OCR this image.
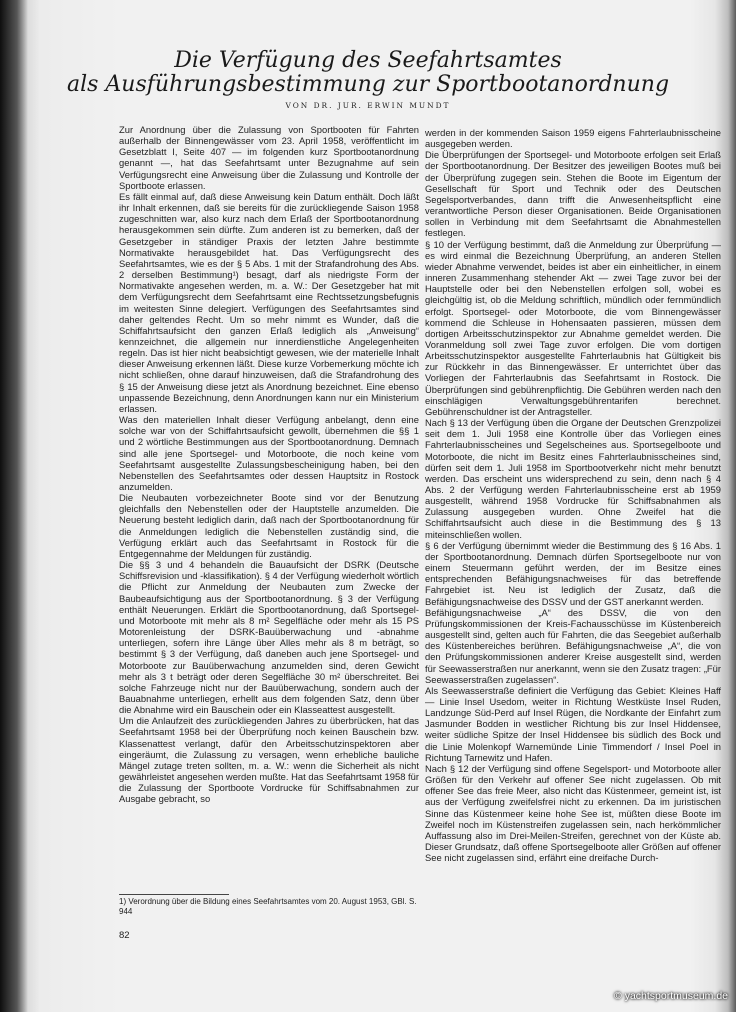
Die Verfügung des Seefahrtsamtes
als Ausführungsbestimmung zur Sportbootanordnung
VON DR. JUR. ERWIN MUNDT

Zur Anordnung über die Zulassung von Sportbooten für Fahrten außerhalb der Binnengewässer vom 23. April 1958, veröffentlicht im Gesetzblatt I, Seite 407 — im folgenden kurz Sportbootanordnung genannt —, hat das Seefahrtsamt unter Bezugnahme auf sein Verfügungsrecht eine Anweisung über die Zulassung und Kontrolle der Sportboote erlassen.

Es fällt einmal auf, daß diese Anweisung kein Datum enthält. Doch läßt ihr Inhalt erkennen, daß sie bereits für die zurückliegende Saison 1958 zugeschnitten war, also kurz nach dem Erlaß der Sportbootanordnung herausgekommen sein dürfte. Zum anderen ist zu bemerken, daß der Gesetzgeber in ständiger Praxis der letzten Jahre bestimmte Normativakte herausgebildet hat. Das Verfügungsrecht des Seefahrtsamtes, wie es der § 5 Abs. 1 mit der Strafandrohung des Abs. 2 derselben Bestimmung¹) besagt, darf als niedrigste Form der Normativakte angesehen werden, m. a. W.: Der Gesetzgeber hat mit dem Verfügungsrecht dem Seefahrtsamt eine Rechtssetzungsbefugnis im weitesten Sinne delegiert. Verfügungen des Seefahrtsamtes sind daher geltendes Recht. Um so mehr nimmt es Wunder, daß die Schiffahrtsaufsicht den ganzen Erlaß lediglich als „Anweisung“ kennzeichnet, die allgemein nur innerdienstliche Angelegenheiten regeln. Das ist hier nicht beabsichtigt gewesen, wie der materielle Inhalt dieser Anweisung erkennen läßt. Diese kurze Vorbemerkung möchte ich nicht schließen, ohne darauf hinzuweisen, daß die Strafandrohung des § 15 der Anweisung diese jetzt als Anordnung bezeichnet. Eine ebenso unpassende Bezeichnung, denn Anordnungen kann nur ein Ministerium erlassen.

Was den materiellen Inhalt dieser Verfügung anbelangt, denn eine solche war von der Schiffahrtsaufsicht gewollt, übernehmen die §§ 1 und 2 wörtliche Bestimmungen aus der Sportbootanordnung. Demnach sind alle jene Sportsegel- und Motorboote, die noch keine vom Seefahrtsamt ausgestellte Zulassungsbescheinigung haben, bei den Nebenstellen des Seefahrtsamtes oder dessen Hauptsitz in Rostock anzumelden.

Die Neubauten vorbezeichneter Boote sind vor der Benutzung gleichfalls den Nebenstellen oder der Hauptstelle anzumelden. Die Neuerung besteht lediglich darin, daß nach der Sportbootanordnung für die Anmeldungen lediglich die Nebenstellen zuständig sind, die Verfügung erklärt auch das Seefahrtsamt in Rostock für die Entgegennahme der Meldungen für zuständig.

Die §§ 3 und 4 behandeln die Bauaufsicht der DSRK (Deutsche Schiffsrevision und -klassifikation). § 4 der Verfügung wiederholt wörtlich die Pflicht zur Anmeldung der Neubauten zum Zwecke der Baubeaufsichtigung aus der Sportbootanordnung. § 3 der Verfügung enthält Neuerungen. Erklärt die Sportbootanordnung, daß Sportsegel- und Motorboote mit mehr als 8 m² Segelfläche oder mehr als 15 PS Motorenleistung der DSRK-Bauüberwachung und -abnahme unterliegen, sofern ihre Länge über Alles mehr als 8 m beträgt, so bestimmt § 3 der Verfügung, daß daneben auch jene Sportsegel- und Motorboote zur Bauüberwachung anzumelden sind, deren Gewicht mehr als 3 t beträgt oder deren Segelfläche 30 m² überschreitet. Bei solche Fahrzeuge nicht nur der Bauüberwachung, sondern auch der Bauabnahme unterliegen, erhellt aus dem folgenden Satz, denn über die Abnahme wird ein Bauschein oder ein Klasseattest ausgestellt.

Um die Anlaufzeit des zurückliegenden Jahres zu überbrücken, hat das Seefahrtsamt 1958 bei der Überprüfung noch keinen Bauschein bzw. Klassenattest verlangt, dafür den Arbeitsschutzinspektoren aber eingeräumt, die Zulassung zu versagen, wenn erhebliche bauliche Mängel zutage treten sollten, m. a. W.: wenn die Sicherheit als nicht gewährleistet angesehen werden mußte. Hat das Seefahrtsamt 1958 für die Zulassung der Sportboote Vordrucke für Schiffsabnahmen zur Ausgabe gebracht, so

werden in der kommenden Saison 1959 eigens Fahrterlaubnisscheine ausgegeben werden.

Die Überprüfungen der Sportsegel- und Motorboote erfolgen seit Erlaß der Sportbootanordnung. Der Besitzer des jeweiligen Bootes muß bei der Überprüfung zugegen sein. Stehen die Boote im Eigentum der Gesellschaft für Sport und Technik oder des Deutschen Segelsportverbandes, dann trifft die Anwesenheitspflicht eine verantwortliche Person dieser Organisationen. Beide Organisationen sollen in Verbindung mit dem Seefahrtsamt die Abnahmestellen festlegen.

§ 10 der Verfügung bestimmt, daß die Anmeldung zur Überprüfung — es wird einmal die Bezeichnung Überprüfung, an anderen Stellen wieder Abnahme verwendet, beides ist aber ein einheitlicher, in einem inneren Zusammenhang stehender Akt — zwei Tage zuvor bei der Hauptstelle oder bei den Nebenstellen erfolgen soll, wobei es gleichgültig ist, ob die Meldung schriftlich, mündlich oder fernmündlich erfolgt. Sportsegel- oder Motorboote, die vom Binnengewässer kommend die Schleuse in Hohensaaten passieren, müssen dem dortigen Arbeitsschutzinspektor zur Abnahme gemeldet werden. Die Voranmeldung soll zwei Tage zuvor erfolgen. Die vom dortigen Arbeitsschutzinspektor ausgestellte Fahrterlaubnis hat Gültigkeit bis zur Rückkehr in das Binnengewässer. Er unterrichtet über das Vorliegen der Fahrterlaubnis das Seefahrtsamt in Rostock. Die Überprüfungen sind gebührenpflichtig. Die Gebühren werden nach den einschlägigen Verwaltungsgebührentarifen berechnet. Gebührenschuldner ist der Antragsteller.

Nach § 13 der Verfügung üben die Organe der Deutschen Grenzpolizei seit dem 1. Juli 1958 eine Kontrolle über das Vorliegen eines Fahrterlaubnisscheines und Segelscheines aus. Sportsegelboote und Motorboote, die nicht im Besitz eines Fahrterlaubnisscheines sind, dürfen seit dem 1. Juli 1958 im Sportbootverkehr nicht mehr benutzt werden. Das erscheint uns widersprechend zu sein, denn nach § 4 Abs. 2 der Verfügung werden Fahrterlaubnisscheine erst ab 1959 ausgestellt, während 1958 Vordrucke für Schiffsabnahmen als Zulassung ausgegeben wurden. Ohne Zweifel hat die Schiffahrtsaufsicht auch diese in die Bestimmung des § 13 miteinschließen wollen.

§ 6 der Verfügung übernimmt wieder die Bestimmung des § 16 Abs. 1 der Sportbootanordnung. Demnach dürfen Sportsegelboote nur von einem Steuermann geführt werden, der im Besitze eines entsprechenden Befähigungsnachweises für das betreffende Fahrgebiet ist. Neu ist lediglich der Zusatz, daß die Befähigungsnachweise des DSSV und der GST anerkannt werden.

Befähigungsnachweise „A“ des DSSV, die von den Prüfungskommissionen der Kreis-Fachausschüsse im Küstenbereich ausgestellt sind, gelten auch für Fahrten, die das Seegebiet außerhalb des Küstenbereiches berühren. Befähigungsnachweise „A“, die von den Prüfungskommissionen anderer Kreise ausgestellt sind, werden für Seewasserstraßen nur anerkannt, wenn sie den Zusatz tragen: „Für Seewasserstraßen zugelassen“.

Als Seewasserstraße definiert die Verfügung das Gebiet: Kleines Haff — Linie Insel Usedom, weiter in Richtung Westküste Insel Ruden, Landzunge Süd-Perd auf Insel Rügen, die Nordkante der Einfahrt zum Jasmunder Bodden in westlicher Richtung bis zur Insel Hiddensee, weiter südliche Spitze der Insel Hiddensee bis südlich des Bock und die Linie Molenkopf Warnemünde Linie Timmendorf / Insel Poel in Richtung Tarnewitz und Hafen.

Nach § 12 der Verfügung sind offene Segelsport- und Motorboote aller Größen für den Verkehr auf offener See nicht zugelassen. Ob mit offener See das freie Meer, also nicht das Küstenmeer, gemeint ist, ist aus der Verfügung zweifelsfrei nicht zu erkennen. Da im juristischen Sinne das Küstenmeer keine hohe See ist, müßten diese Boote im Zweifel noch im Küstenstreifen zugelassen sein, nach herkömmlicher Auffassung also im Drei-Meilen-Streifen, gerechnet von der Küste ab. Dieser Grundsatz, daß offene Sportsegelboote aller Größen auf offener See nicht zugelassen sind, erfährt eine dreifache Durch-

1) Verordnung über die Bildung eines Seefahrtsamtes vom 20. August 1953, GBl. S. 944
82
© yachtsportmuseum.de
